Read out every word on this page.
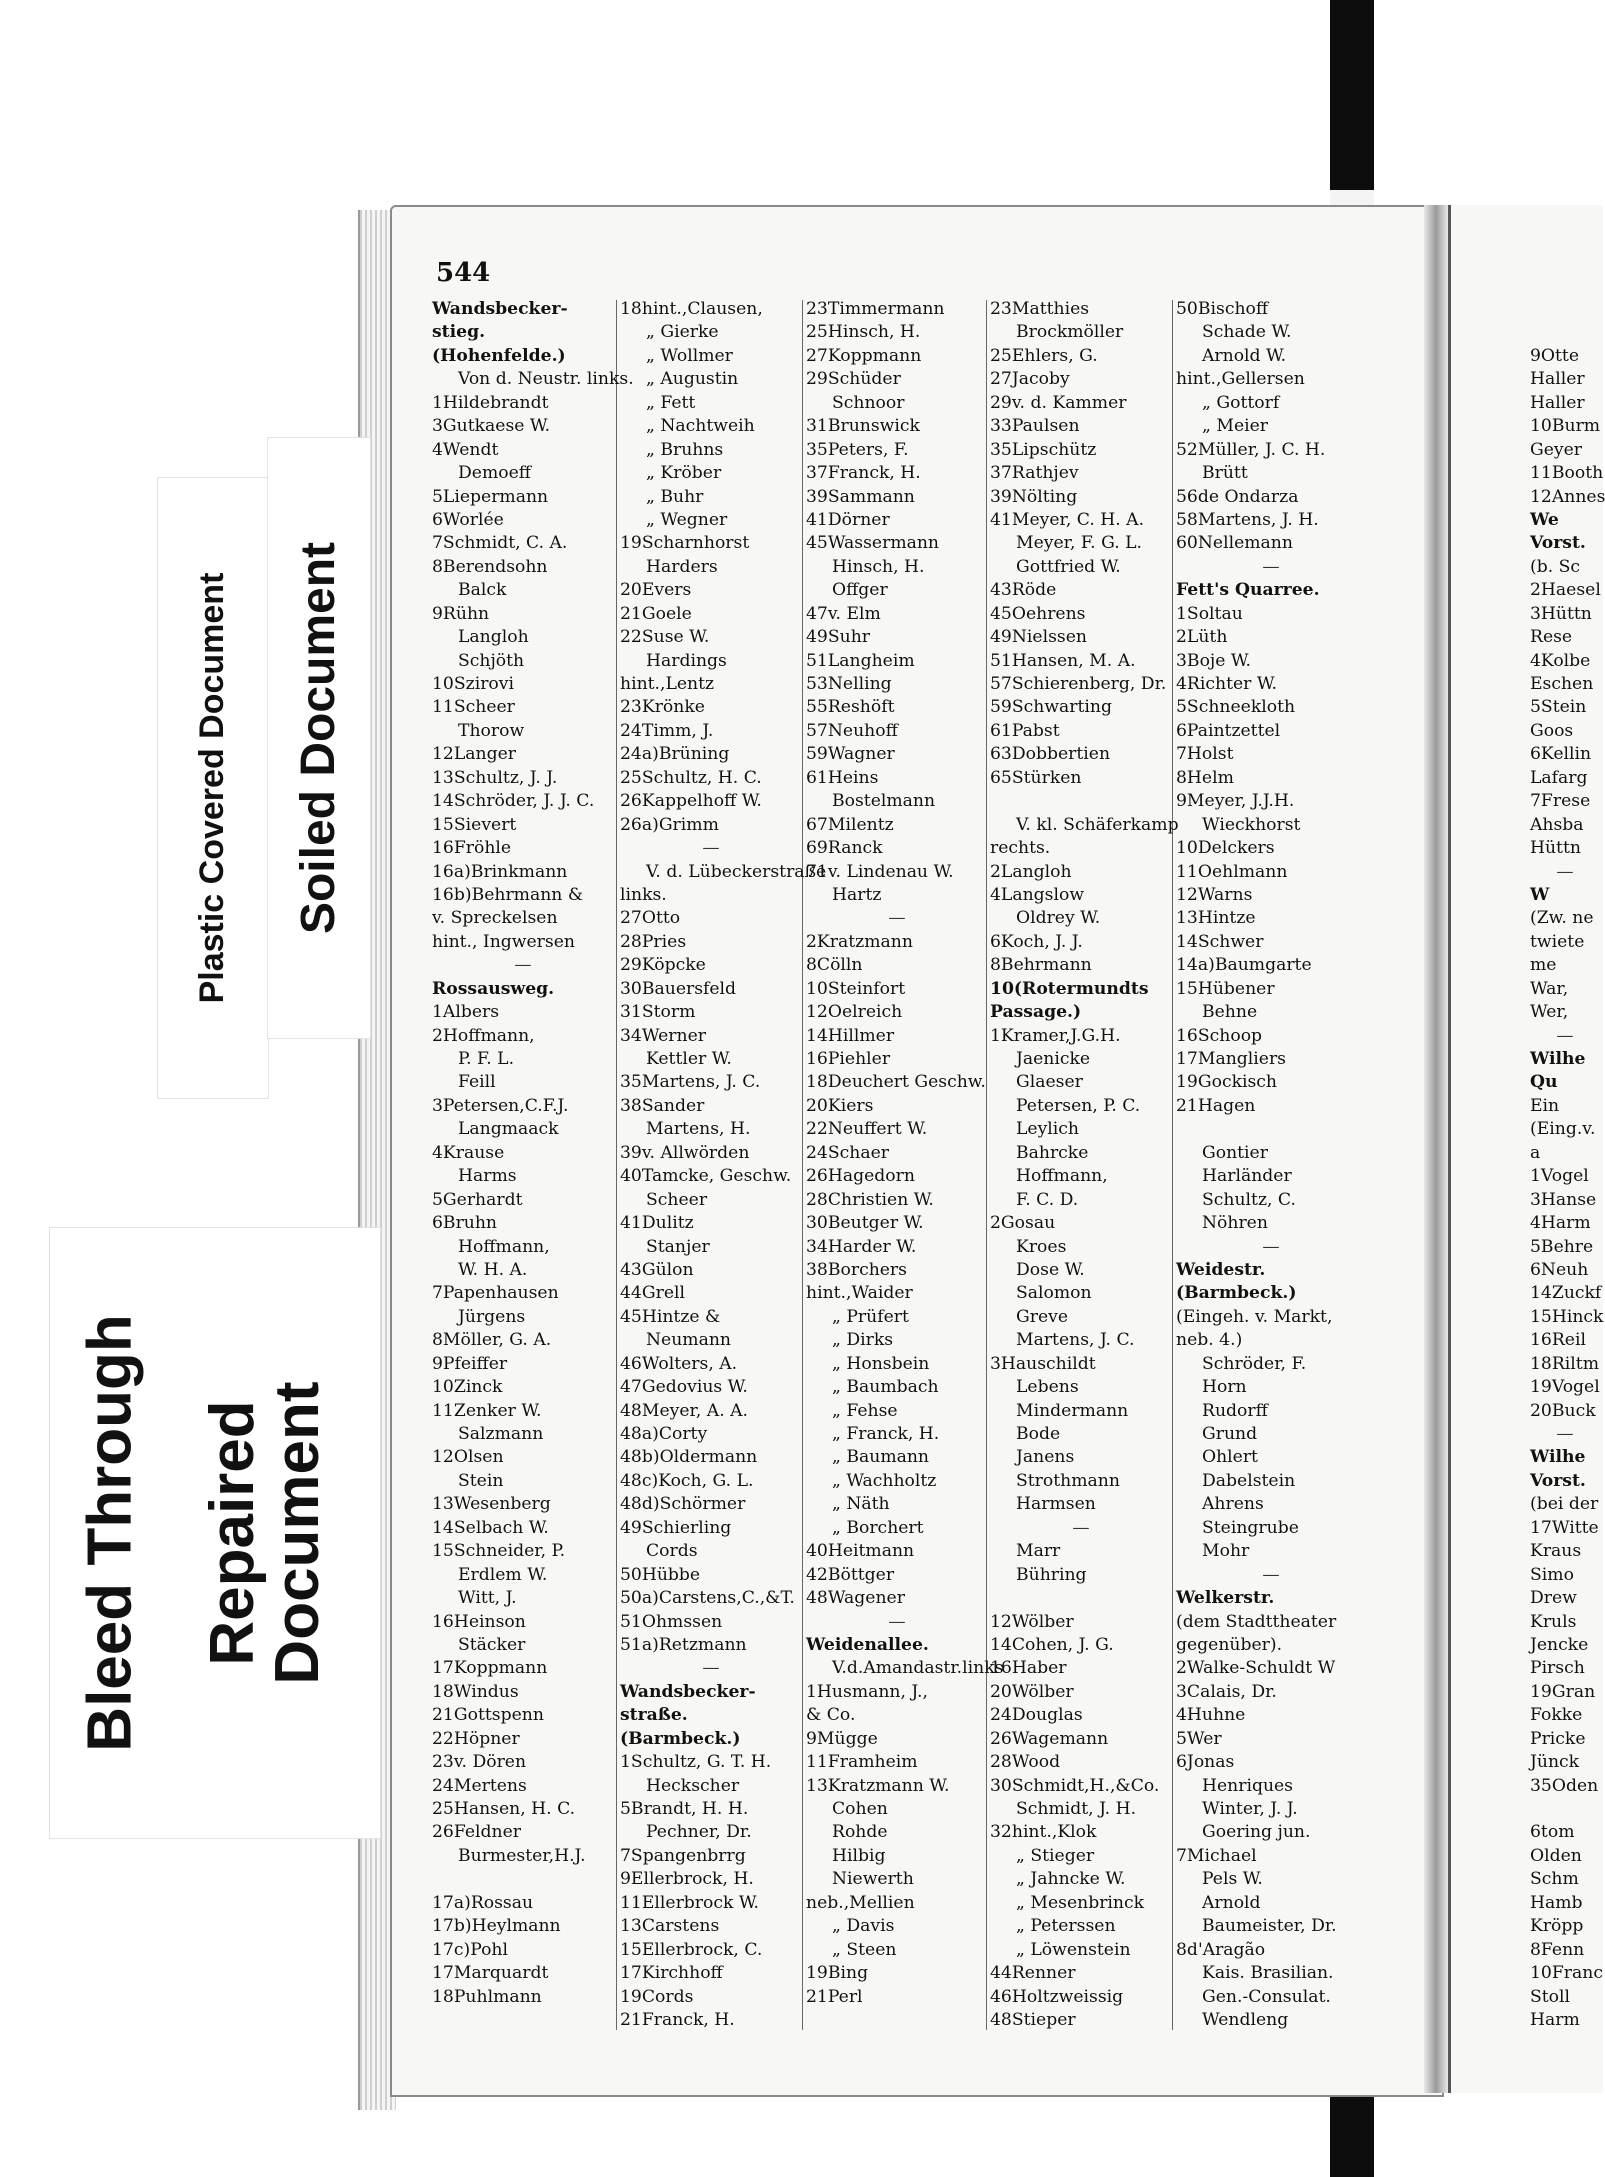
Plastic Covered Document Soiled Document
Bleed Through Repaired
Document
544
Wandsbecker-
stieg.
(Hohenfelde.)
Von d. Neustr. links.
1Hildebrandt
3Gutkaese W.
4Wendt
Demoeff
5Liepermann
6Worlée
7Schmidt, C. A.
8Berendsohn
Balck
9Rühn
Langloh
Schjöth
10Szirovi
11Scheer
Thorow
12Langer
13Schultz, J. J.
14Schröder, J. J. C.
15Sievert
16Fröhle
16a)Brinkmann
16b)Behrmann &
v. Spreckelsen
hint., Ingwersen
—
Rossausweg.
1Albers
2Hoffmann,
P. F. L.
Feill
3Petersen,C.F.J.
Langmaack
4Krause
Harms
5Gerhardt
6Bruhn
Hoffmann,
W. H. A.
7Papenhausen
Jürgens
8Möller, G. A.
9Pfeiffer
10Zinck
11Zenker W.
Salzmann
12Olsen
Stein
13Wesenberg
14Selbach W.
15Schneider, P.
Erdlem W.
Witt, J.
16Heinson
Stäcker
17Koppmann
18Windus
21Gottspenn
22Höpner
23v. Dören
24Mertens
25Hansen, H. C.
26Feldner
Burmester,H.J.
17a)Rossau
17b)Heylmann
17c)Pohl
17Marquardt
18Puhlmann
18hint.,Clausen,
„ Gierke
„ Wollmer
„ Augustin
„ Fett
„ Nachtweih
„ Bruhns
„ Kröber
„ Buhr
„ Wegner
19Scharnhorst
Harders
20Evers
21Goele
22Suse W.
Hardings
hint.,Lentz
23Krönke
24Timm, J.
24a)Brüning
25Schultz, H. C.
26Kappelhoff W.
26a)Grimm
—
V. d. Lübeckerstraße
links.
27Otto
28Pries
29Köpcke
30Bauersfeld
31Storm
34Werner
Kettler W.
35Martens, J. C.
38Sander
Martens, H.
39v. Allwörden
40Tamcke, Geschw.
Scheer
41Dulitz
Stanjer
43Gülon
44Grell
45Hintze &
Neumann
46Wolters, A.
47Gedovius W.
48Meyer, A. A.
48a)Corty
48b)Oldermann
48c)Koch, G. L.
48d)Schörmer
49Schierling
Cords
50Hübbe
50a)Carstens,C.,&T.
51Ohmssen
51a)Retzmann
—
Wandsbecker-
straße.
(Barmbeck.)
1Schultz, G. T. H.
Heckscher
5Brandt, H. H.
Pechner, Dr.
7Spangenbrrg
9Ellerbrock, H.
11Ellerbrock W.
13Carstens
15Ellerbrock, C.
17Kirchhoff
19Cords
21Franck, H.
23Timmermann
25Hinsch, H.
27Koppmann
29Schüder
Schnoor
31Brunswick
35Peters, F.
37Franck, H.
39Sammann
41Dörner
45Wassermann
Hinsch, H.
Offger
47v. Elm
49Suhr
51Langheim
53Nelling
55Reshöft
57Neuhoff
59Wagner
61Heins
Bostelmann
67Milentz
69Ranck
71v. Lindenau W.
Hartz
—
2Kratzmann
8Cölln
10Steinfort
12Oelreich
14Hillmer
16Piehler
18Deuchert Geschw.
20Kiers
22Neuffert W.
24Schaer
26Hagedorn
28Christien W.
30Beutger W.
34Harder W.
38Borchers
hint.,Waider
„ Prüfert
„ Dirks
„ Honsbein
„ Baumbach
„ Fehse
„ Franck, H.
„ Baumann
„ Wachholtz
„ Näth
„ Borchert
40Heitmann
42Böttger
48Wagener
—
Weidenallee.
V.d.Amandastr.links
1Husmann, J.,
& Co.
9Mügge
11Framheim
13Kratzmann W.
Cohen
Rohde
Hilbig
Niewerth
neb.,Mellien
„ Davis
„ Steen
19Bing
21Perl
23Matthies
Brockmöller
25Ehlers, G.
27Jacoby
29v. d. Kammer
33Paulsen
35Lipschütz
37Rathjev
39Nölting
41Meyer, C. H. A.
Meyer, F. G. L.
Gottfried W.
43Röde
45Oehrens
49Nielssen
51Hansen, M. A.
57Schierenberg, Dr.
59Schwarting
61Pabst
63Dobbertien
65Stürken
V. kl. Schäferkamp
rechts.
2Langloh
4Langslow
Oldrey W.
6Koch, J. J.
8Behrmann
10(Rotermundts
Passage.)
1Kramer,J.G.H.
Jaenicke
Glaeser
Petersen, P. C.
Leylich
Bahrcke
Hoffmann,
F. C. D.
2Gosau
Kroes
Dose W.
Salomon
Greve
Martens, J. C.
3Hauschildt
Lebens
Mindermann
Bode
Janens
Strothmann
Harmsen
—
Marr
Bühring
12Wölber
14Cohen, J. G.
16Haber
20Wölber
24Douglas
26Wagemann
28Wood
30Schmidt,H.,&Co.
Schmidt, J. H.
32hint.,Klok
„ Stieger
„ Jahncke W.
„ Mesenbrinck
„ Peterssen
„ Löwenstein
44Renner
46Holtzweissig
48Stieper
50Bischoff
Schade W.
Arnold W.
hint.,Gellersen
„ Gottorf
„ Meier
52Müller, J. C. H.
Brütt
56de Ondarza
58Martens, J. H.
60Nellemann
—
Fett's Quarree.
1Soltau
2Lüth
3Boje W.
4Richter W.
5Schneekloth
6Paintzettel
7Holst
8Helm
9Meyer, J.J.H.
Wieckhorst
10Delckers
11Oehlmann
12Warns
13Hintze
14Schwer
14a)Baumgarte
15Hübener
Behne
16Schoop
17Mangliers
19Gockisch
21Hagen
Gontier
Harländer
Schultz, C.
Nöhren
—
Weidestr.
(Barmbeck.)
(Eingeh. v. Markt,
neb. 4.)
Schröder, F.
Horn
Rudorff
Grund
Ohlert
Dabelstein
Ahrens
Steingrube
Mohr
—
Welkerstr.
(dem Stadttheater
gegenüber).
2Walke-Schuldt W
3Calais, Dr.
4Huhne
5Wer
6Jonas
Henriques
Winter, J. J.
Goering jun.
7Michael
Pels W.
Arnold
Baumeister, Dr.
8d'Aragão
Kais. Brasilian.
Gen.-Consulat.
Wendleng
9Otte
Haller
Haller
10Burm
Geyer
11Booth
12Annes
We
Vorst.
(b. Sc
2Haesel
3Hüttn
Rese
4Kolbe
Eschen
5Stein
Goos
6Kellin
Lafarg
7Frese
Ahsba
Hüttn
—
W
(Zw. ne
twiete
me
War,
Wer,
—
Wilhe
Qu
Ein
(Eing.v.
a
1Vogel
3Hanse
4Harm
5Behre
6Neuh
14Zuckf
15Hinck
16Reil
18Riltm
19Vogel
20Buck
—
Wilhe
Vorst.
(bei der
17Witte
Kraus
Simo
Drew
Kruls
Jencke
Pirsch
19Gran
Fokke
Pricke
Jünck
35Oden
6tom
Olden
Schm
Hamb
Kröpp
8Fenn
10Franc
Stoll
Harm
